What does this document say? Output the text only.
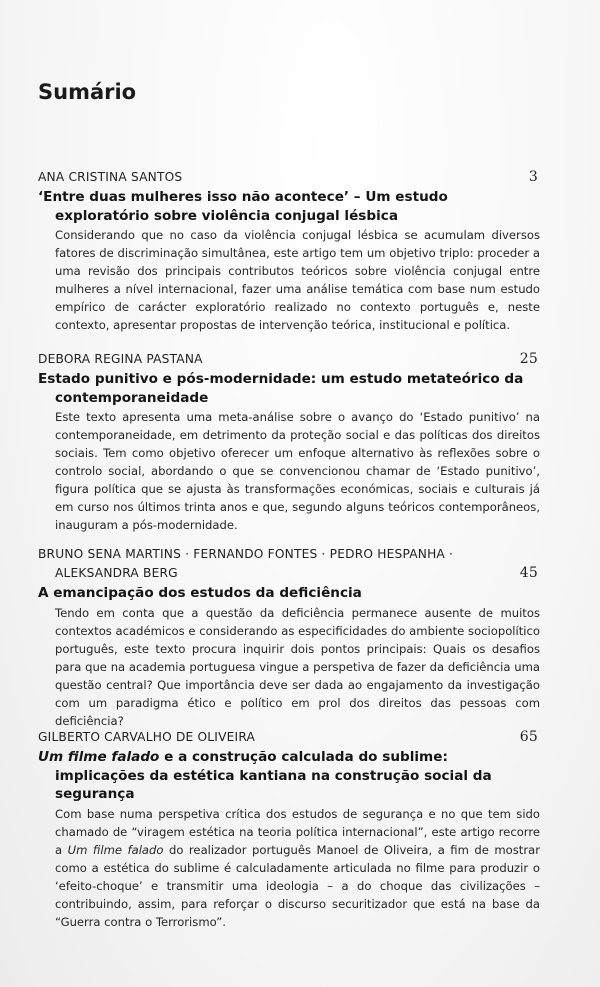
Sumário
ANA CRISTINA SANTOS	3
‘Entre duas mulheres isso não acontece’ – Um estudo exploratório sobre violência conjugal lésbica
Considerando que no caso da violência conjugal lésbica se acumulam diversos fatores de discriminação simultânea, este artigo tem um objetivo triplo: proceder a uma revisão dos principais contributos teóricos sobre violência conjugal entre mulheres a nível internacional, fazer uma análise temática com base num estudo empírico de carácter exploratório realizado no contexto português e, neste contexto, apresentar propostas de intervenção teórica, institucional e política.
DEBORA REGINA PASTANA	25
Estado punitivo e pós-modernidade: um estudo metateórico da contemporaneidade
Este texto apresenta uma meta-análise sobre o avanço do ‘Estado punitivo’ na contemporaneidade, em detrimento da proteção social e das políticas dos direitos sociais. Tem como objetivo oferecer um enfoque alternativo às reflexões sobre o controlo social, abordando o que se convencionou chamar de ‘Estado punitivo’, figura política que se ajusta às transformações económicas, sociais e culturais já em curso nos últimos trinta anos e que, segundo alguns teóricos contemporâneos, inauguram a pós-modernidade.
BRUNO SENA MARTINS · FERNANDO FONTES · PEDRO HESPANHA ·
ALEKSANDRA BERG	45
A emancipação dos estudos da deficiência
Tendo em conta que a questão da deficiência permanece ausente de muitos contextos académicos e considerando as especificidades do ambiente sociopolítico português, este texto procura inquirir dois pontos principais: Quais os desafios para que na academia portuguesa vingue a perspetiva de fazer da deficiência uma questão central? Que importância deve ser dada ao engajamento da investigação com um paradigma ético e político em prol dos direitos das pessoas com deficiência?
GILBERTO CARVALHO DE OLIVEIRA	65
Um filme falado e a construção calculada do sublime: implicações da estética kantiana na construção social da segurança
Com base numa perspetiva crítica dos estudos de segurança e no que tem sido chamado de “viragem estética na teoria política internacional”, este artigo recorre a Um filme falado do realizador português Manoel de Oliveira, a fim de mostrar como a estética do sublime é calculadamente articulada no filme para produzir o ‘efeito-choque’ e transmitir uma ideologia – a do choque das civilizações – contribuindo, assim, para reforçar o discurso securitizador que está na base da “Guerra contra o Terrorismo”.
